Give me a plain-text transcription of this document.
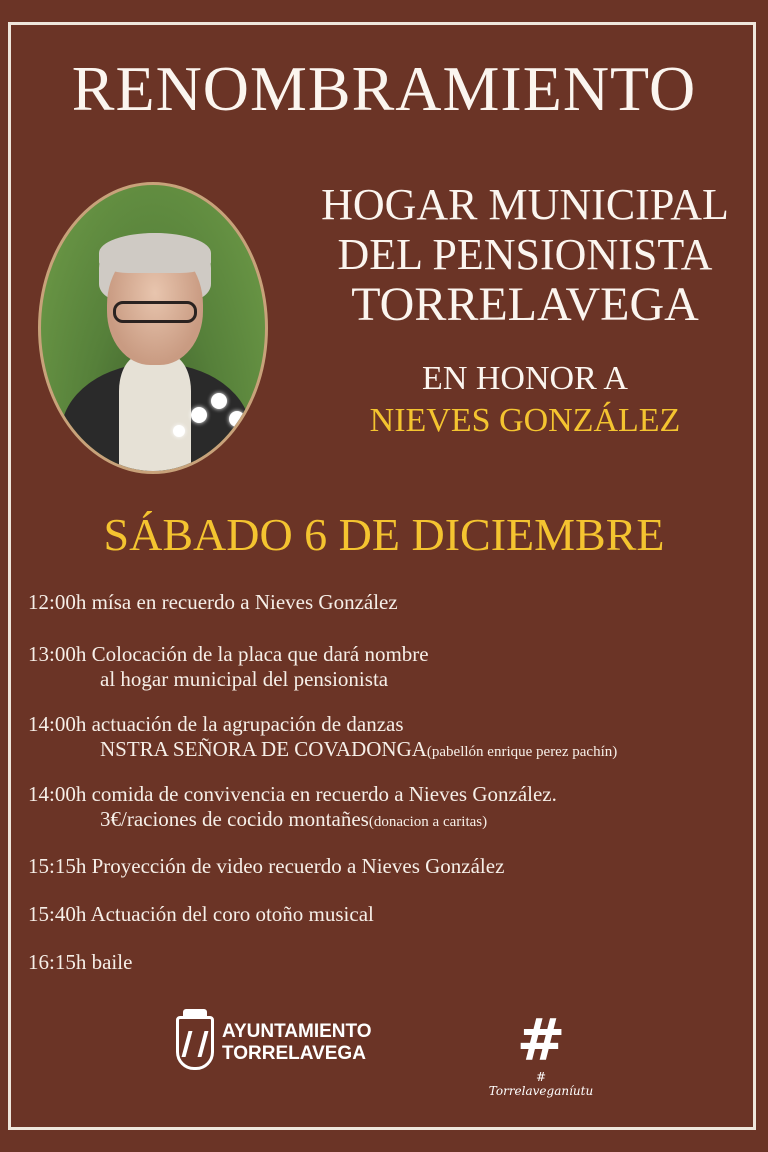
RENOMBRAMIENTO
HOGAR MUNICIPAL
DEL PENSIONISTA
TORRELAVEGA
EN HONOR A
NIEVES GONZÁLEZ
SÁBADO 6 DE DICIEMBRE
12:00h mísa en recuerdo a Nieves González
13:00h Colocación de la placa que dará nombre
al hogar municipal del pensionista
14:00h actuación de la agrupación de danzas
NSTRA SEÑORA DE COVADONGA(pabellón enrique perez pachín)
14:00h comida de convivencia en recuerdo a Nieves González.
3€/raciones de cocido montañes(donacion a caritas)
15:15h Proyección de video recuerdo a Nieves González
15:40h Actuación del coro otoño musical
16:15h baile
AYUNTAMIENTO
TORRELAVEGA	#
# Torrelaveganíutu
